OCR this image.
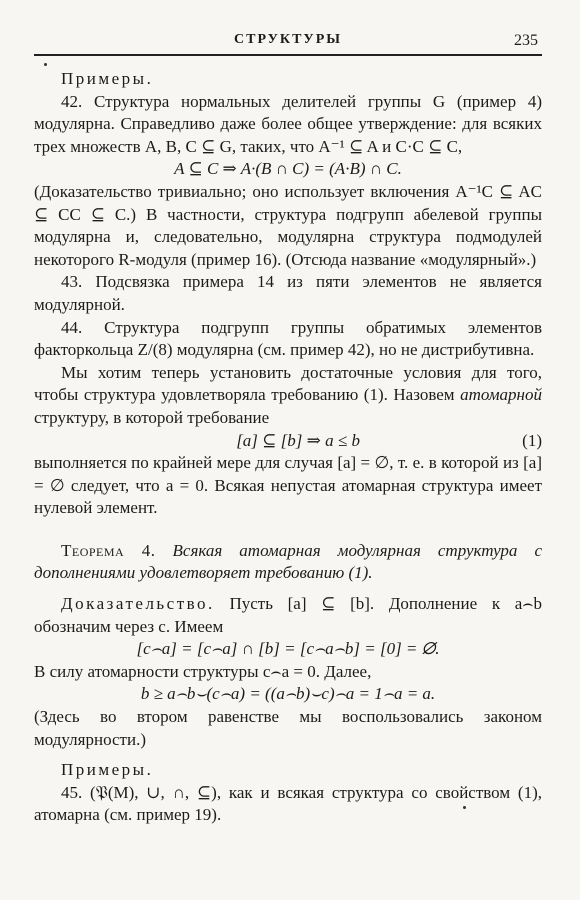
СТРУКТУРЫ	235

Примеры.

42. Структура нормальных делителей группы G (пример 4) модулярна. Справедливо даже более общее утверждение: для всяких трех множеств A, B, C ⊆ G, таких, что A⁻¹ ⊆ A и C·C ⊆ C,

A ⊆ C ⇒ A·(B ∩ C) = (A·B) ∩ C.

(Доказательство тривиально; оно использует включения A⁻¹C ⊆ AC ⊆ CC ⊆ C.) В частности, структура подгрупп абелевой группы модулярна и, следовательно, модулярна структура подмодулей некоторого R-модуля (пример 16). (Отсюда название «модулярный».)

43. Подсвязка примера 14 из пяти элементов не является модулярной.

44. Структура подгрупп группы обратимых элементов факторкольца Z/(8) модулярна (см. пример 42), но не дистрибутивна.

Мы хотим теперь установить достаточные условия для того, чтобы структура удовлетворяла требованию (1). Назовем атомарной структуру, в которой требование

[a] ⊆ [b] ⇒ a ≤ b	(1)

выполняется по крайней мере для случая [a] = ∅, т. е. в которой из [a] = ∅ следует, что a = 0. Всякая непустая атомарная структура имеет нулевой элемент.

Теорема 4. Всякая атомарная модулярная структура с дополнениями удовлетворяет требованию (1).

Доказательство. Пусть [a] ⊆ [b]. Дополнение к a⌢b обозначим через c. Имеем

[c⌢a] = [c⌢a] ∩ [b] = [c⌢a⌢b] = [0] = ∅.

В силу атомарности структуры c⌢a = 0. Далее,

b ≥ a⌢b⌣(c⌢a) = ((a⌢b)⌣c)⌢a = 1⌢a = a.

(Здесь во втором равенстве мы воспользовались законом модулярности.)

Примеры.

45. (𝔓(M), ∪, ∩, ⊆), как и всякая структура со свойством (1), атомарна (см. пример 19).
